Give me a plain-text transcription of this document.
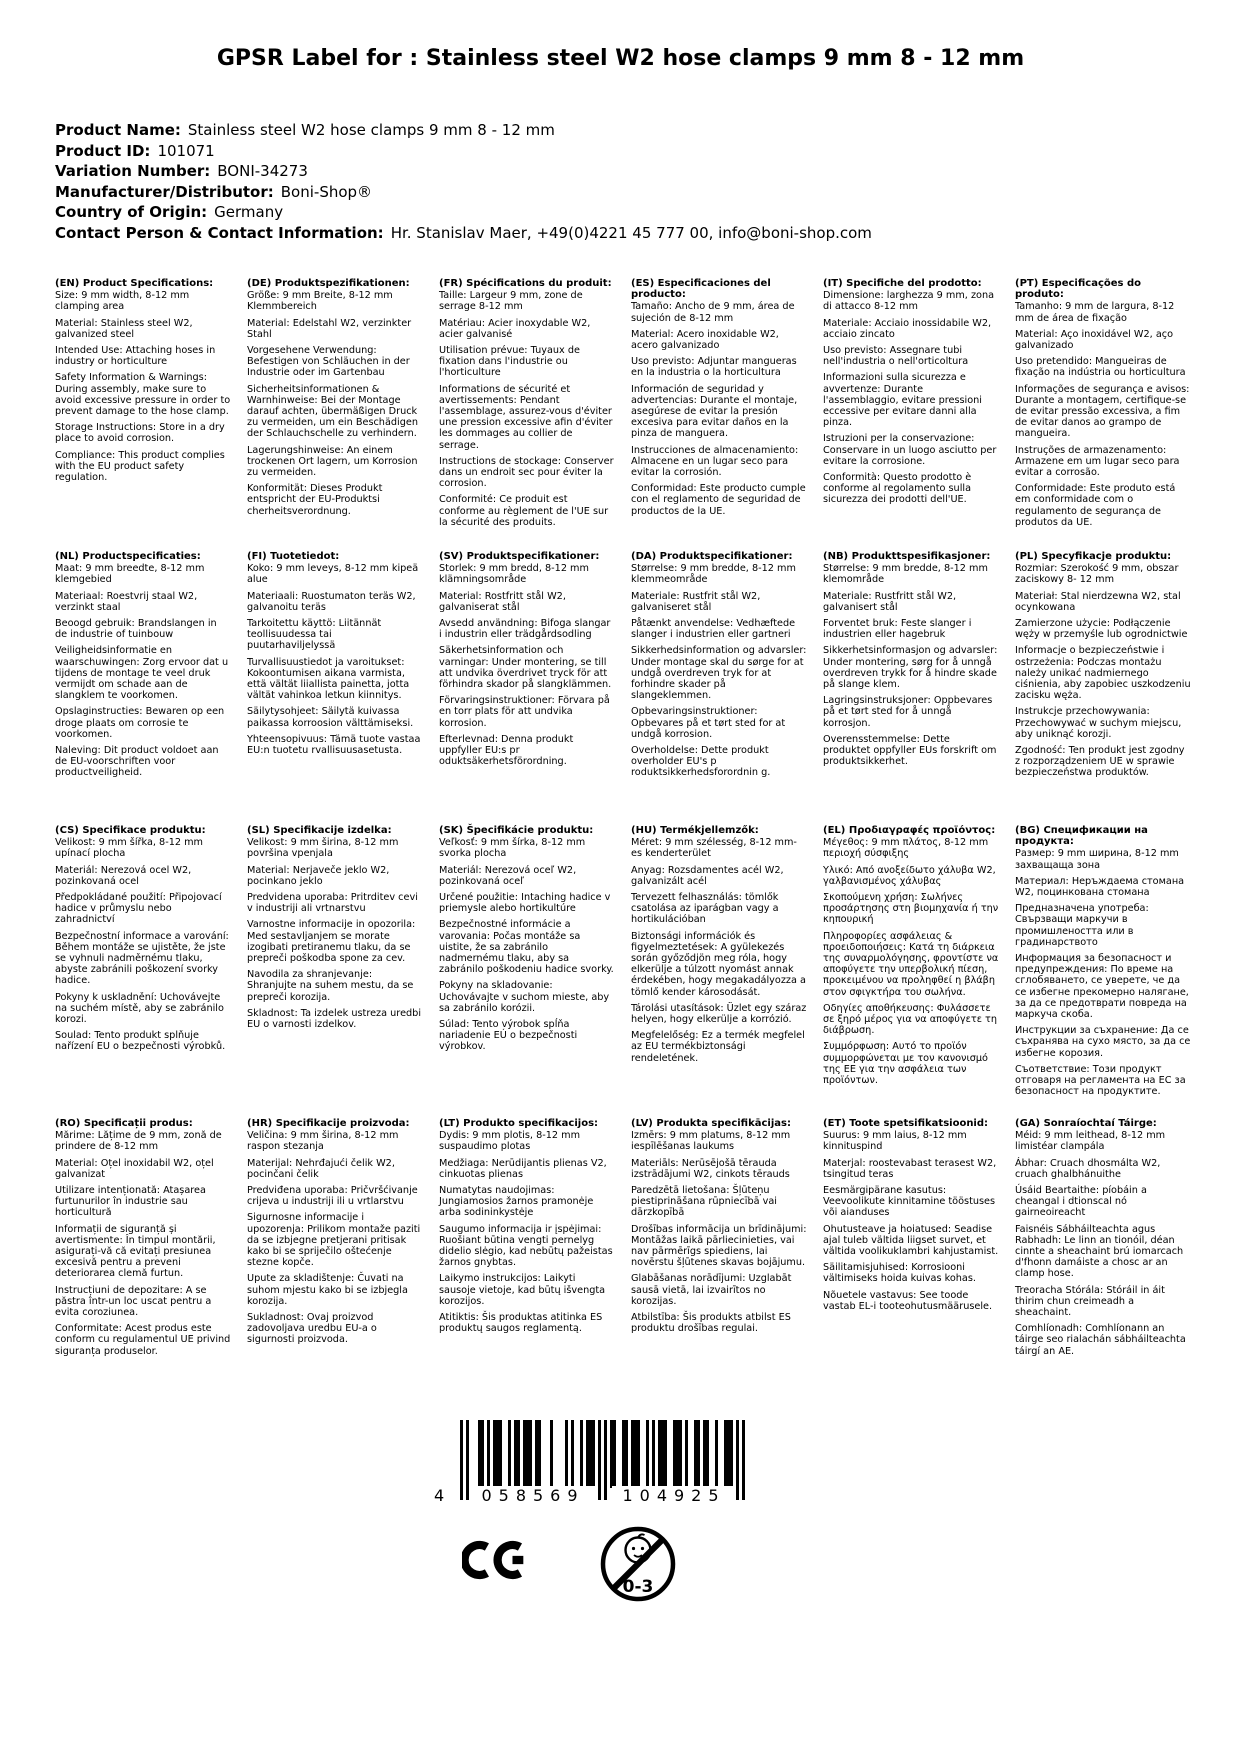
GPSR Label for : Stainless steel W2 hose clamps 9 mm 8 - 12 mm
Product Name: Stainless steel W2 hose clamps 9 mm 8 - 12 mm
Product ID: 101071
Variation Number: BONI-34273
Manufacturer/Distributor: Boni-Shop®
Country of Origin: Germany
Contact Person & Contact Information: Hr. Stanislav Maer, +49(0)4221 45 777 00, info@boni-shop.com
(EN) Product Specifications:

Size: 9 mm width, 8-12 mm clamping area

Material: Stainless steel W2, galvanized steel

Intended Use: Attaching hoses in industry or horticulture

Safety Information & Warnings: During assembly, make sure to avoid excessive pressure in order to prevent damage to the hose clamp.

Storage Instructions: Store in a dry place to avoid corrosion.

Compliance: This product complies with the EU product safety regulation.

(DE) Produktspezifikationen:

Größe: 9 mm Breite, 8-12 mm Klemmbereich

Material: Edelstahl W2, verzinkter Stahl

Vorgesehene Verwendung: Befestigen von Schläuchen in der Industrie oder im Gartenbau

Sicherheitsinformationen & Warnhinweise: Bei der Montage darauf achten, übermäßigen Druck zu vermeiden, um ein Beschädigen der Schlauchschelle zu verhindern.

Lagerungshinweise: An einem trockenen Ort lagern, um Korrosion zu vermeiden.

Konformität: Dieses Produkt entspricht der EU-Produktsi cherheitsverordnung.

(FR) Spécifications du produit:

Taille: Largeur 9 mm, zone de serrage 8-12 mm

Matériau: Acier inoxydable W2, acier galvanisé

Utilisation prévue: Tuyaux de fixation dans l'industrie ou l'horticulture

Informations de sécurité et avertissements: Pendant l'assemblage, assurez-vous d'éviter une pression excessive afin d'éviter les dommages au collier de serrage.

Instructions de stockage: Conserver dans un endroit sec pour éviter la corrosion.

Conformité: Ce produit est conforme au règlement de l'UE sur la sécurité des produits.

(ES) Especificaciones del producto:

Tamaño: Ancho de 9 mm, área de sujeción de 8-12 mm

Material: Acero inoxidable W2, acero galvanizado

Uso previsto: Adjuntar mangueras en la industria o la horticultura

Información de seguridad y advertencias: Durante el montaje, asegúrese de evitar la presión excesiva para evitar daños en la pinza de manguera.

Instrucciones de almacenamiento: Almacene en un lugar seco para evitar la corrosión.

Conformidad: Este producto cumple con el reglamento de seguridad de productos de la UE.

(IT) Specifiche del prodotto:

Dimensione: larghezza 9 mm, zona di attacco 8-12 mm

Materiale: Acciaio inossidabile W2, acciaio zincato

Uso previsto: Assegnare tubi nell'industria o nell'orticoltura

Informazioni sulla sicurezza e avvertenze: Durante l'assemblaggio, evitare pressioni eccessive per evitare danni alla pinza.

Istruzioni per la conservazione: Conservare in un luogo asciutto per evitare la corrosione.

Conformità: Questo prodotto è conforme al regolamento sulla sicurezza dei prodotti dell'UE.

(PT) Especificações do produto:

Tamanho: 9 mm de largura, 8-12 mm de área de fixação

Material: Aço inoxidável W2, aço galvanizado

Uso pretendido: Mangueiras de fixação na indústria ou horticultura

Informações de segurança e avisos: Durante a montagem, certifique-se de evitar pressão excessiva, a fim de evitar danos ao grampo de mangueira.

Instruções de armazenamento: Armazene em um lugar seco para evitar a corrosão.

Conformidade: Este produto está em conformidade com o regulamento de segurança de produtos da UE.

(NL) Productspecificaties:

Maat: 9 mm breedte, 8-12 mm klemgebied

Materiaal: Roestvrij staal W2, verzinkt staal

Beoogd gebruik: Brandslangen in de industrie of tuinbouw

Veiligheidsinformatie en waarschuwingen: Zorg ervoor dat u tijdens de montage te veel druk vermijdt om schade aan de slangklem te voorkomen.

Opslaginstructies: Bewaren op een droge plaats om corrosie te voorkomen.

Naleving: Dit product voldoet aan de EU-voorschriften voor productveiligheid.

(FI) Tuotetiedot:

Koko: 9 mm leveys, 8-12 mm kipeä alue

Materiaali: Ruostumaton teräs W2, galvanoitu teräs

Tarkoitettu käyttö: Liitännät teollisuudessa tai puutarhaviljelyssä

Turvallisuustiedot ja varoitukset: Kokoontumisen aikana varmista, että vältät liiallista painetta, jotta vältät vahinkoa letkun kiinnitys.

Säilytysohjeet: Säilytä kuivassa paikassa korroosion välttämiseksi.

Yhteensopivuus: Tämä tuote vastaa EU:n tuotetu rvallisuusasetusta.

(SV) Produktspecifikationer:

Storlek: 9 mm bredd, 8-12 mm klämningsområde

Material: Rostfritt stål W2, galvaniserat stål

Avsedd användning: Bifoga slangar i industrin eller trädgårdsodling

Säkerhetsinformation och varningar: Under montering, se till att undvika överdrivet tryck för att förhindra skador på slangklämmen.

Förvaringsinstruktioner: Förvara på en torr plats för att undvika korrosion.

Efterlevnad: Denna produkt uppfyller EU:s pr oduktsäkerhetsförordning.

(DA) Produktspecifikationer:

Størrelse: 9 mm bredde, 8-12 mm klemmeområde

Materiale: Rustfrit stål W2, galvaniseret stål

Påtænkt anvendelse: Vedhæftede slanger i industrien eller gartneri

Sikkerhedsinformation og advarsler: Under montage skal du sørge for at undgå overdreven tryk for at forhindre skader på slangeklemmen.

Opbevaringsinstruktioner: Opbevares på et tørt sted for at undgå korrosion.

Overholdelse: Dette produkt overholder EU's p roduktsikkerhedsforordnin g.

(NB) Produkttspesifikasjoner:

Størrelse: 9 mm bredde, 8-12 mm klemområde

Materiale: Rustfritt stål W2, galvanisert stål

Forventet bruk: Feste slanger i industrien eller hagebruk

Sikkerhetsinformasjon og advarsler: Under montering, sørg for å unngå overdreven trykk for å hindre skade på slange klem.

Lagringsinstruksjoner: Oppbevares på et tørt sted for å unngå korrosjon.

Overensstemmelse: Dette produktet oppfyller EUs forskrift om produktsikkerhet.

(PL) Specyfikacje produktu:

Rozmiar: Szerokość 9 mm, obszar zaciskowy 8- 12 mm

Materiał: Stal nierdzewna W2, stal ocynkowana

Zamierzone użycie: Podłączenie węży w przemyśle lub ogrodnictwie

Informacje o bezpieczeństwie i ostrzeżenia: Podczas montażu należy unikać nadmiernego ciśnienia, aby zapobiec uszkodzeniu zacisku węża.

Instrukcje przechowywania: Przechowywać w suchym miejscu, aby uniknąć korozji.

Zgodność: Ten produkt jest zgodny z rozporządzeniem UE w sprawie bezpieczeństwa produktów.

(CS) Specifikace produktu:

Velikost: 9 mm šířka, 8-12 mm upínací plocha

Materiál: Nerezová ocel W2, pozinkovaná ocel

Předpokládané použití: Připojovací hadice v průmyslu nebo zahradnictví

Bezpečnostní informace a varování: Během montáže se ujistěte, že jste se vyhnuli nadměrnému tlaku, abyste zabránili poškození svorky hadice.

Pokyny k uskladnění: Uchovávejte na suchém místě, aby se zabránilo korozi.

Soulad: Tento produkt splňuje nařízení EU o bezpečnosti výrobků.

(SL) Specifikacije izdelka:

Velikost: 9 mm širina, 8-12 mm površina vpenjala

Material: Nerjaveče jeklo W2, pocinkano jeklo

Predvidena uporaba: Pritrditev cevi v industriji ali vrtnarstvu

Varnostne informacije in opozorila: Med sestavljanjem se morate izogibati pretiranemu tlaku, da se prepreči poškodba spone za cev.

Navodila za shranjevanje: Shranjujte na suhem mestu, da se prepreči korozija.

Skladnost: Ta izdelek ustreza uredbi EU o varnosti izdelkov.

(SK) Špecifikácie produktu:

Veľkosť: 9 mm šírka, 8-12 mm svorka plocha

Materiál: Nerezová oceľ W2, pozinkovaná oceľ

Určené použitie: Intaching hadice v priemysle alebo hortikultúre

Bezpečnostné informácie a varovania: Počas montáže sa uistite, že sa zabránilo nadmernému tlaku, aby sa zabránilo poškodeniu hadice svorky.

Pokyny na skladovanie: Uchovávajte v suchom mieste, aby sa zabránilo korózii.

Súlad: Tento výrobok spĺňa nariadenie EÚ o bezpečnosti výrobkov.

(HU) Termékjellemzők:

Méret: 9 mm szélesség, 8-12 mm-es kenderterület

Anyag: Rozsdamentes acél W2, galvanizált acél

Tervezett felhasználás: tömlők csatolása az iparágban vagy a hortikulációban

Biztonsági információk és figyelmeztetések: A gyülekezés során győződjön meg róla, hogy elkerülje a túlzott nyomást annak érdekében, hogy megakadályozza a tömlő kender károsodását.

Tárolási utasítások: Üzlet egy száraz helyen, hogy elkerülje a korrózió.

Megfelelőség: Ez a termék megfelel az EU termékbiztonsági rendeletének.

(EL) Προδιαγραφές προϊόντος:

Μέγεθος: 9 mm πλάτος, 8-12 mm περιοχή σύσφιξης

Υλικό: Από ανοξείδωτο χάλυβα W2, γαλβανισμένος χάλυβας

Σκοπούμενη χρήση: Σωλήνες προσάρτησης στη βιομηχανία ή την κηπουρική

Πληροφορίες ασφάλειας & προειδοποιήσεις: Κατά τη διάρκεια της συναρμολόγησης, φροντίστε να αποφύγετε την υπερβολική πίεση, προκειμένου να προληφθεί η βλάβη στον σφιγκτήρα του σωλήνα.

Οδηγίες αποθήκευσης: Φυλάσσετε σε ξηρό μέρος για να αποφύγετε τη διάβρωση.

Συμμόρφωση: Αυτό το προϊόν συμμορφώνεται με τον κανονισμό της ΕΕ για την ασφάλεια των προϊόντων.

(BG) Спецификации на продукта:

Размер: 9 mm ширина, 8-12 mm захващаща зона

Материал: Неръждаема стомана W2, поцинкована стомана

Предназначена употреба: Свързващи маркучи в промишлеността или в градинарството

Информация за безопасност и предупреждения: По време на сглобяването, се уверете, че да се избегне прекомерно налягане, за да се предотврати повреда на маркуча скоба.

Инструкции за съхранение: Да се съхранява на сухо място, за да се избегне корозия.

Съответствие: Този продукт отговаря на регламента на ЕС за безопасност на продуктите.

(RO) Specificații produs:

Mărime: Lățime de 9 mm, zonă de prindere de 8-12 mm

Material: Oțel inoxidabil W2, oțel galvanizat

Utilizare intenționată: Atașarea furtunurilor în industrie sau horticultură

Informații de siguranță și avertismente: În timpul montării, asigurați-vă că evitați presiunea excesivă pentru a preveni deteriorarea clemă furtun.

Instrucțiuni de depozitare: A se păstra într-un loc uscat pentru a evita coroziunea.

Conformitate: Acest produs este conform cu regulamentul UE privind siguranța produselor.

(HR) Specifikacije proizvoda:

Veličina: 9 mm širina, 8-12 mm raspon stezanja

Materijal: Nehrđajući čelik W2, pocinčani čelik

Predviđena uporaba: Pričvršćivanje crijeva u industriji ili u vrtlarstvu

Sigurnosne informacije i upozorenja: Prilikom montaže paziti da se izbjegne pretjerani pritisak kako bi se spriječilo oštećenje stezne kopče.

Upute za skladištenje: Čuvati na suhom mjestu kako bi se izbjegla korozija.

Sukladnost: Ovaj proizvod zadovoljava uredbu EU-a o sigurnosti proizvoda.

(LT) Produkto specifikacijos:

Dydis: 9 mm plotis, 8-12 mm suspaudimo plotas

Medžiaga: Nerūdijantis plienas V2, cinkuotas plienas

Numatytas naudojimas: Jungiamosios žarnos pramonėje arba sodininkystėje

Saugumo informacija ir įspėjimai: Ruošiant būtina vengti pernelyg didelio slėgio, kad nebūtų pažeistas žarnos gnybtas.

Laikymo instrukcijos: Laikyti sausoje vietoje, kad būtų išvengta korozijos.

Atitiktis: Šis produktas atitinka ES produktų saugos reglamentą.

(LV) Produkta specifikācijas:

Izmērs: 9 mm platums, 8-12 mm iespīlēšanas laukums

Materiāls: Nerūsējošā tērauda izstrādājumi W2, cinkots tērauds

Paredzētā lietošana: Šļūteņu piestiprināšana rūpniecībā vai dārzkopībā

Drošības informācija un brīdinājumi: Montāžas laikā pārliecinieties, vai nav pārmērīgs spiediens, lai novērstu šļūtenes skavas bojājumu.

Glabāšanas norādījumi: Uzglabāt sausā vietā, lai izvairītos no korozijas.

Atbilstība: Šis produkts atbilst ES produktu drošības regulai.

(ET) Toote spetsifikatsioonid:

Suurus: 9 mm laius, 8-12 mm kinnituspind

Materjal: roostevabast terasest W2, tsingitud teras

Eesmärgipärane kasutus: Veevoolikute kinnitamine tööstuses või aianduses

Ohutusteave ja hoiatused: Seadise ajal tuleb vältida liigset survet, et vältida voolikuklambri kahjustamist.

Säilitamisjuhised: Korrosiooni vältimiseks hoida kuivas kohas.

Nõuetele vastavus: See toode vastab EL-i tooteohutusmäärusele.

(GA) Sonraíochtaí Táirge:

Méid: 9 mm leithead, 8-12 mm limistéar clampála

Ábhar: Cruach dhosmálta W2, cruach ghalbhánuithe

Úsáid Beartaithe: píobáin a cheangal i dtionscal nó gairneoireacht

Faisnéis Sábháilteachta agus Rabhadh: Le linn an tionóil, déan cinnte a sheachaint brú iomarcach d'fhonn damáiste a chosc ar an clamp hose.

Treoracha Stórála: Stóráil in áit thirim chun creimeadh a sheachaint.

Comhlíonadh: Comhlíonann an táirge seo rialachán sábháilteachta táirgí an AE.

4	058569	104925
0-3
